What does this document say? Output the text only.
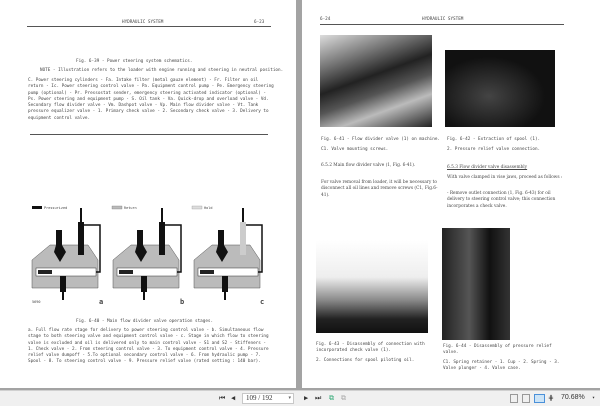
HYDRAULIC SYSTEM	6-23
Fig. 6-39 - Power steering system schematics.
NOTE - Illustration refers to the loader with engine running and steering in neutral position.
C. Power steering cylinders - Fa. Intake filter (metal gauze element) - Fr. Filter on oil return - Ic. Power steering control valve - Pa. Equipment control pump - Pe. Emergency steering pump (optional) - Pr. Pressostat sender, emergency steering activated indicator (optional) - Ps. Power steering and equipment pump - S. Oil tank - Va. Quick-drop and overload valve - Vd. Secondary flow divider valve - Vm. Dashpot valve - Vp. Main flow divider valve - Vt. Tank pressure equalizer valve - 1. Primary check valve - 2. Secondary check valve - 3. Delivery to equipment control valve.
Pressurized	Return	Hold
a	b	c
5690
Fig. 6-40 - Main flow divider valve operation stages.
a. Full flow rate stage for delivery to power steering control valve - b. Simultaneous flow stage to both steering valve and equipment control valve - c. Stage in which flow to steering valve is excluded and oil is delivered only to main control valve - S1 and S2 - Stiffeners - 1. Check valve - 2. From steering control valve - 3. To equipment control valve - 4. Pressure relief valve dumpoff - 5.To optional secondary control valve - 6. From hydraulic pump - 7. Spool - 8. To steering control valve - 9. Pressure relief valve (rated setting : 140 bar).
6-24	HYDRAULIC SYSTEM
Fig. 6-41 - Flow divider valve (1) on machine.
C1. Valve mounting screws.
Fig. 6-42 - Extraction of spool (1).
2. Pressure relief valve connection.
6.5.2 Main flow divider valve (1, Fig. 6-41).
For valve removal from loader, it will be necessary to disconnect all oil lines and remove screws (C1, Fig.6-41).
6.5.3 Flow divider valve disassembly
With valve clamped in vise jaws, proceed as follows :
- Remove outlet connection (1, Fig. 6-43) for oil delivery to steering control valve; this connection incorporates a check valve.
Fig. 6-43 - Disassembly of connection with incorporated check valve (1).
2. Connections for spool piloting oil.
Fig. 6-44 - Disassembly of pressure relief valve.
C1. Spring retainer - 1. Cup - 2. Spring - 3. Valve plunger - 4. Valve case.
⏮ ◀	109 / 192	▾ ▶ ⏭ ⧉ ⧉	⋕ 70.68% ▾
